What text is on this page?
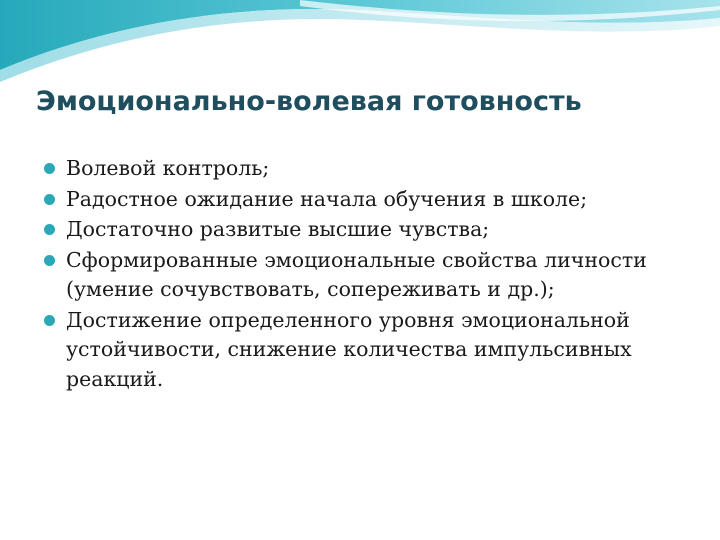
Эмоционально-волевая готовность
Волевой контроль;
Радостное ожидание начала обучения в школе;
Достаточно развитые высшие чувства;
Сформированные эмоциональные свойства личности (умение сочувствовать, сопереживать и др.);
Достижение определенного уровня эмоциональной устойчивости, снижение количества импульсивных реакций.
